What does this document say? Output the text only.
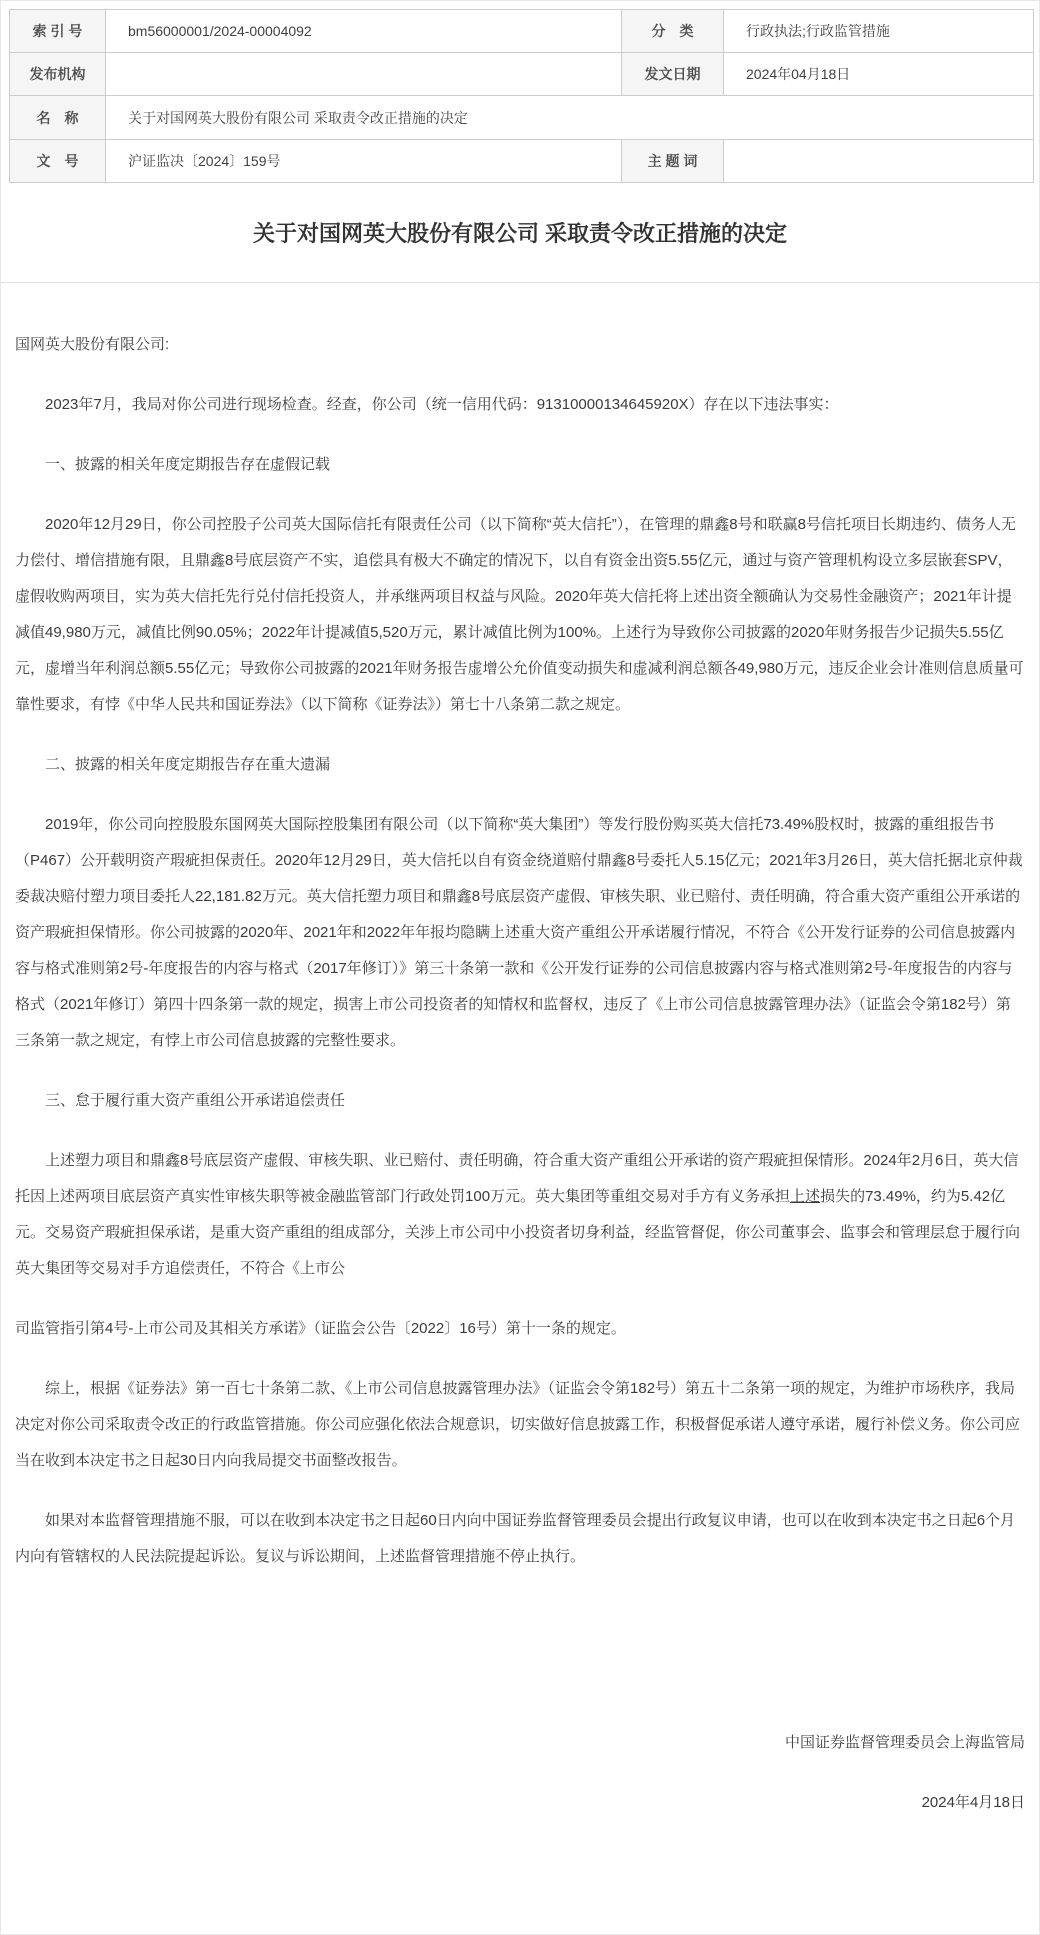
索 引 号	bm56000001/2024-00004092	分　类	行政执法;行政监管措施
发布机构		发文日期	2024年04月18日
名　称	关于对国网英大股份有限公司 采取责令改正措施的决定		
文　号	沪证监决〔2024〕159号	主 题 词	
关于对国网英大股份有限公司 采取责令改正措施的决定

国网英大股份有限公司:

2023年7月，我局对你公司进行现场检查。经查，你公司（统一信用代码：91310000134645920X）存在以下违法事实：

一、披露的相关年度定期报告存在虚假记载

2020年12月29日，你公司控股子公司英大国际信托有限责任公司（以下简称“英大信托”），在管理的鼎鑫8号和联赢8号信托项目长期违约、债务人无力偿付、增信措施有限，且鼎鑫8号底层资产不实，追偿具有极大不确定的情况下，以自有资金出资5.55亿元，通过与资产管理机构设立多层嵌套SPV，虚假收购两项目，实为英大信托先行兑付信托投资人，并承继两项目权益与风险。2020年英大信托将上述出资全额确认为交易性金融资产；2021年计提减值49,980万元，减值比例90.05%；2022年计提减值5,520万元，累计减值比例为100%。上述行为导致你公司披露的2020年财务报告少记损失5.55亿元，虚增当年利润总额5.55亿元；导致你公司披露的2021年财务报告虚增公允价值变动损失和虚减利润总额各49,980万元，违反企业会计准则信息质量可靠性要求，有悖《中华人民共和国证券法》（以下简称《证券法》）第七十八条第二款之规定。

二、披露的相关年度定期报告存在重大遗漏

2019年，你公司向控股股东国网英大国际控股集团有限公司（以下简称“英大集团”）等发行股份购买英大信托73.49%股权时，披露的重组报告书（P467）公开载明资产瑕疵担保责任。2020年12月29日，英大信托以自有资金绕道赔付鼎鑫8号委托人5.15亿元；2021年3月26日，英大信托据北京仲裁委裁决赔付塑力项目委托人22,181.82万元。英大信托塑力项目和鼎鑫8号底层资产虚假、审核失职、业已赔付、责任明确，符合重大资产重组公开承诺的资产瑕疵担保情形。你公司披露的2020年、2021年和2022年年报均隐瞒上述重大资产重组公开承诺履行情况，不符合《公开发行证券的公司信息披露内容与格式准则第2号-年度报告的内容与格式（2017年修订）》第三十条第一款和《公开发行证券的公司信息披露内容与格式准则第2号-年度报告的内容与格式（2021年修订）第四十四条第一款的规定，损害上市公司投资者的知情权和监督权，违反了《上市公司信息披露管理办法》（证监会令第182号）第三条第一款之规定，有悖上市公司信息披露的完整性要求。

三、怠于履行重大资产重组公开承诺追偿责任

上述塑力项目和鼎鑫8号底层资产虚假、审核失职、业已赔付、责任明确，符合重大资产重组公开承诺的资产瑕疵担保情形。2024年2月6日，英大信托因上述两项目底层资产真实性审核失职等被金融监管部门行政处罚100万元。英大集团等重组交易对手方有义务承担上述损失的73.49%，约为5.42亿元。交易资产瑕疵担保承诺，是重大资产重组的组成部分，关涉上市公司中小投资者切身利益，经监管督促，你公司董事会、监事会和管理层怠于履行向英大集团等交易对手方追偿责任，不符合《上市公

司监管指引第4号-上市公司及其相关方承诺》（证监会公告〔2022〕16号）第十一条的规定。

综上，根据《证券法》第一百七十条第二款、《上市公司信息披露管理办法》（证监会令第182号）第五十二条第一项的规定，为维护市场秩序，我局决定对你公司采取责令改正的行政监管措施。你公司应强化依法合规意识，切实做好信息披露工作，积极督促承诺人遵守承诺，履行补偿义务。你公司应当在收到本决定书之日起30日内向我局提交书面整改报告。

如果对本监督管理措施不服，可以在收到本决定书之日起60日内向中国证券监督管理委员会提出行政复议申请，也可以在收到本决定书之日起6个月内向有管辖权的人民法院提起诉讼。复议与诉讼期间，上述监督管理措施不停止执行。

中国证券监督管理委员会上海监管局

2024年4月18日
